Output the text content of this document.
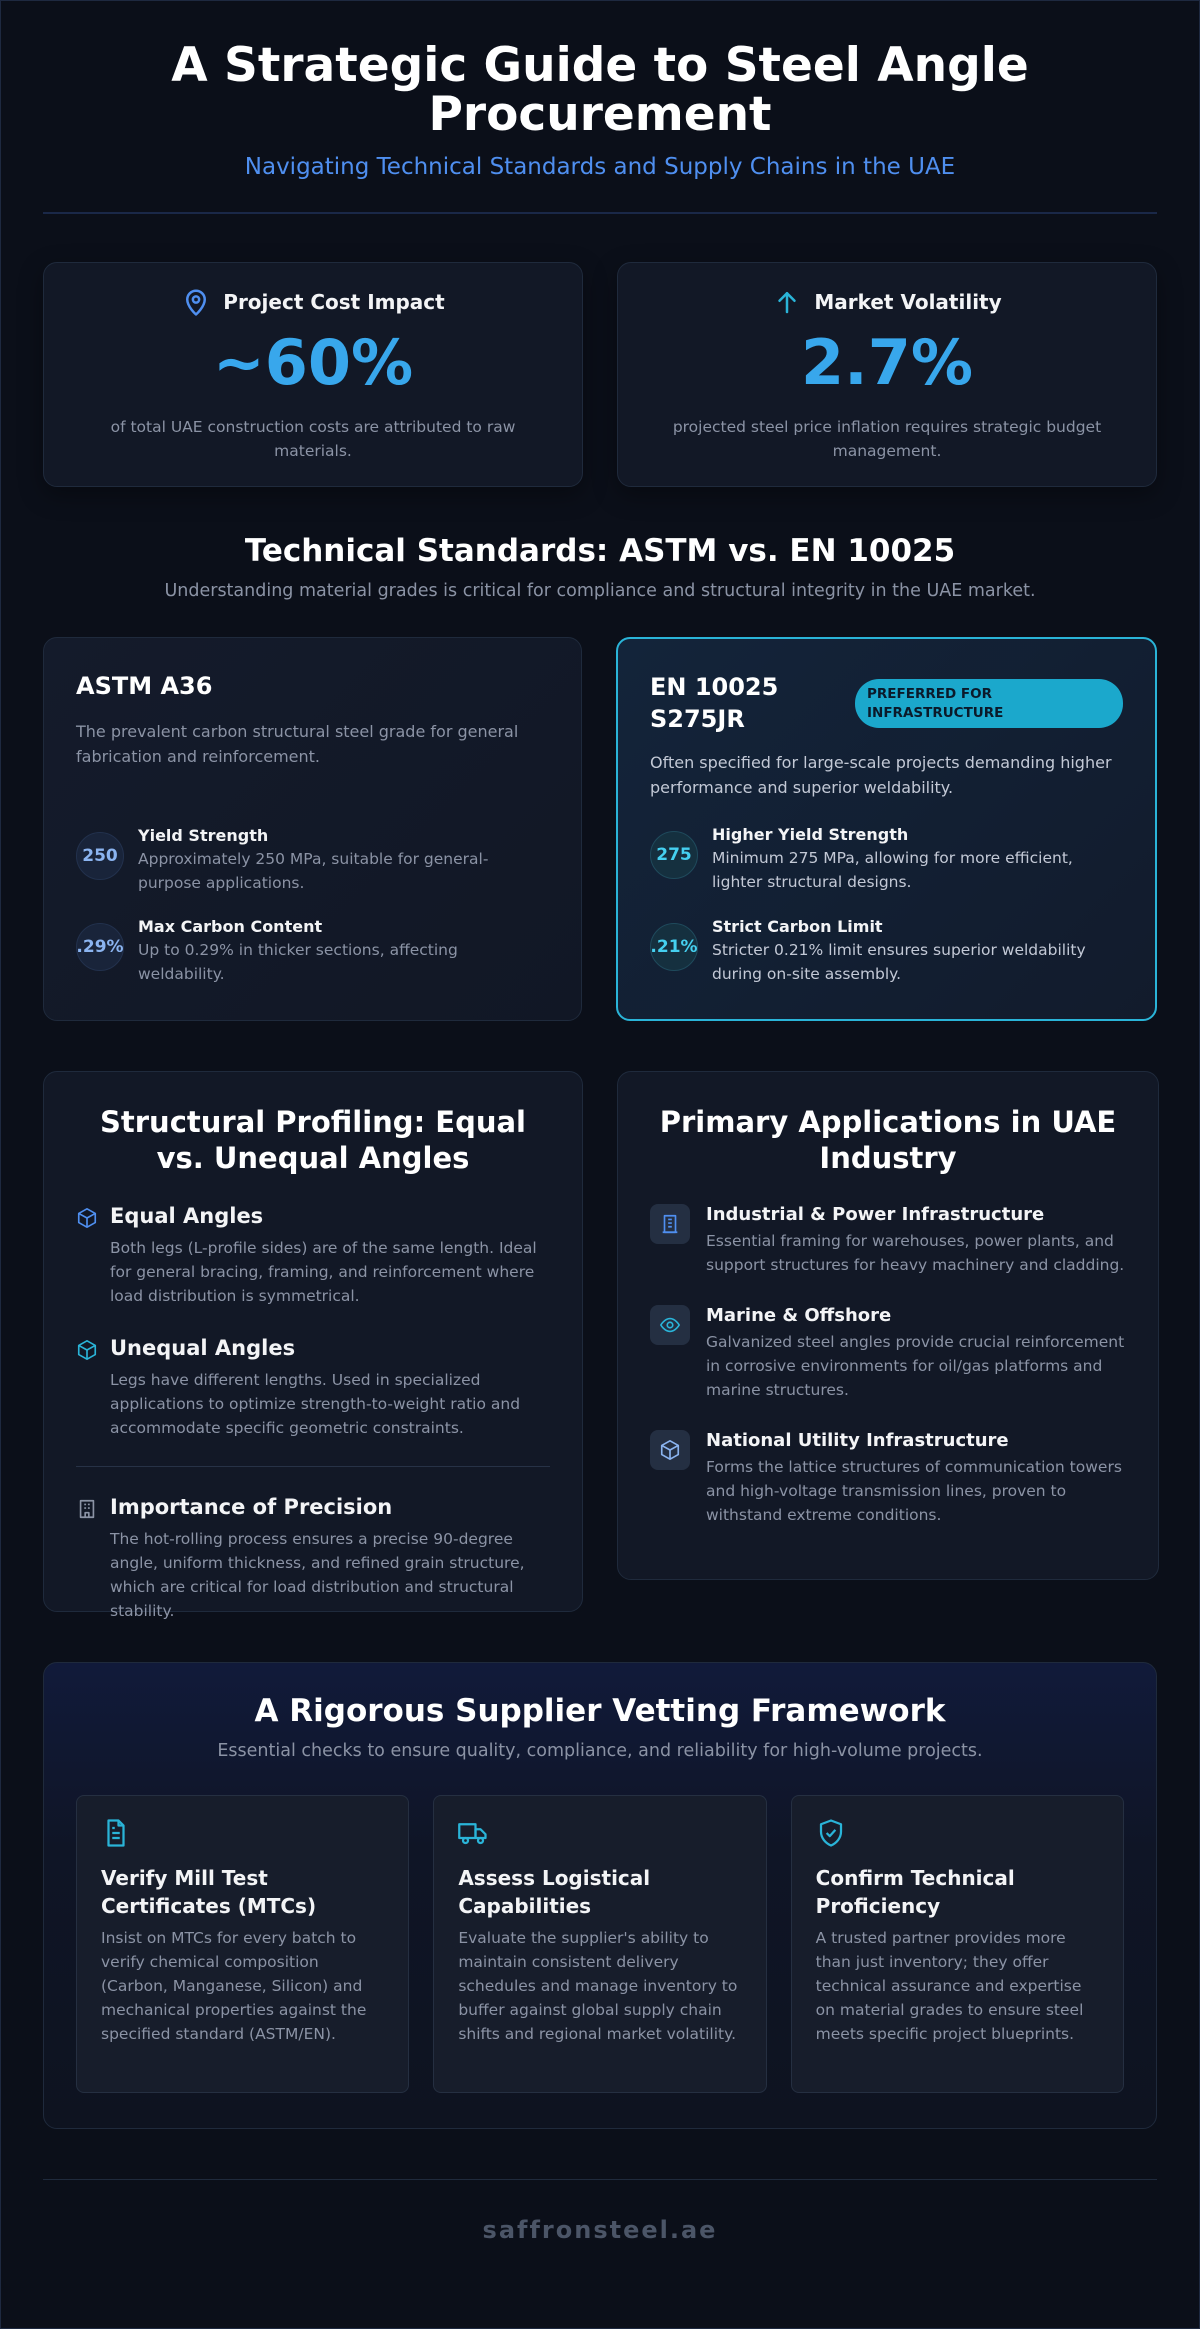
A Strategic Guide to Steel Angle Procurement
Navigating Technical Standards and Supply Chains in the UAE
Project Cost Impact
~60%
of total UAE construction costs are attributed to raw materials.
Market Volatility
2.7%
projected steel price inflation requires strategic budget management.
Technical Standards: ASTM vs. EN 10025

Understanding material grades is critical for compliance and structural integrity in the UAE market.

ASTM A36

The prevalent carbon structural steel grade for general fabrication and reinforcement.

250
Yield Strength
Approximately 250 MPa, suitable for general-purpose applications.
.29%
Max Carbon Content
Up to 0.29% in thicker sections, affecting weldability.
EN 10025 S275JR
PREFERRED FOR INFRASTRUCTURE

Often specified for large-scale projects demanding higher performance and superior weldability.

275
Higher Yield Strength
Minimum 275 MPa, allowing for more efficient, lighter structural designs.
.21%
Strict Carbon Limit
Stricter 0.21% limit ensures superior weldability during on-site assembly.
Structural Profiling: Equal vs. Unequal Angles
Equal Angles
Both legs (L-profile sides) are of the same length. Ideal for general bracing, framing, and reinforcement where load distribution is symmetrical.
Unequal Angles
Legs have different lengths. Used in specialized applications to optimize strength-to-weight ratio and accommodate specific geometric constraints.
Importance of Precision
The hot-rolling process ensures a precise 90-degree angle, uniform thickness, and refined grain structure, which are critical for load distribution and structural stability.
Primary Applications in UAE Industry
Industrial & Power Infrastructure
Essential framing for warehouses, power plants, and support structures for heavy machinery and cladding.
Marine & Offshore
Galvanized steel angles provide crucial reinforcement in corrosive environments for oil/gas platforms and marine structures.
National Utility Infrastructure
Forms the lattice structures of communication towers and high-voltage transmission lines, proven to withstand extreme conditions.
A Rigorous Supplier Vetting Framework

Essential checks to ensure quality, compliance, and reliability for high-volume projects.

Verify Mill Test Certificates (MTCs)
Insist on MTCs for every batch to verify chemical composition (Carbon, Manganese, Silicon) and mechanical properties against the specified standard (ASTM/EN).
Assess Logistical Capabilities
Evaluate the supplier's ability to maintain consistent delivery schedules and manage inventory to buffer against global supply chain shifts and regional market volatility.
Confirm Technical Proficiency
A trusted partner provides more than just inventory; they offer technical assurance and expertise on material grades to ensure steel meets specific project blueprints.
saffronsteel.ae
